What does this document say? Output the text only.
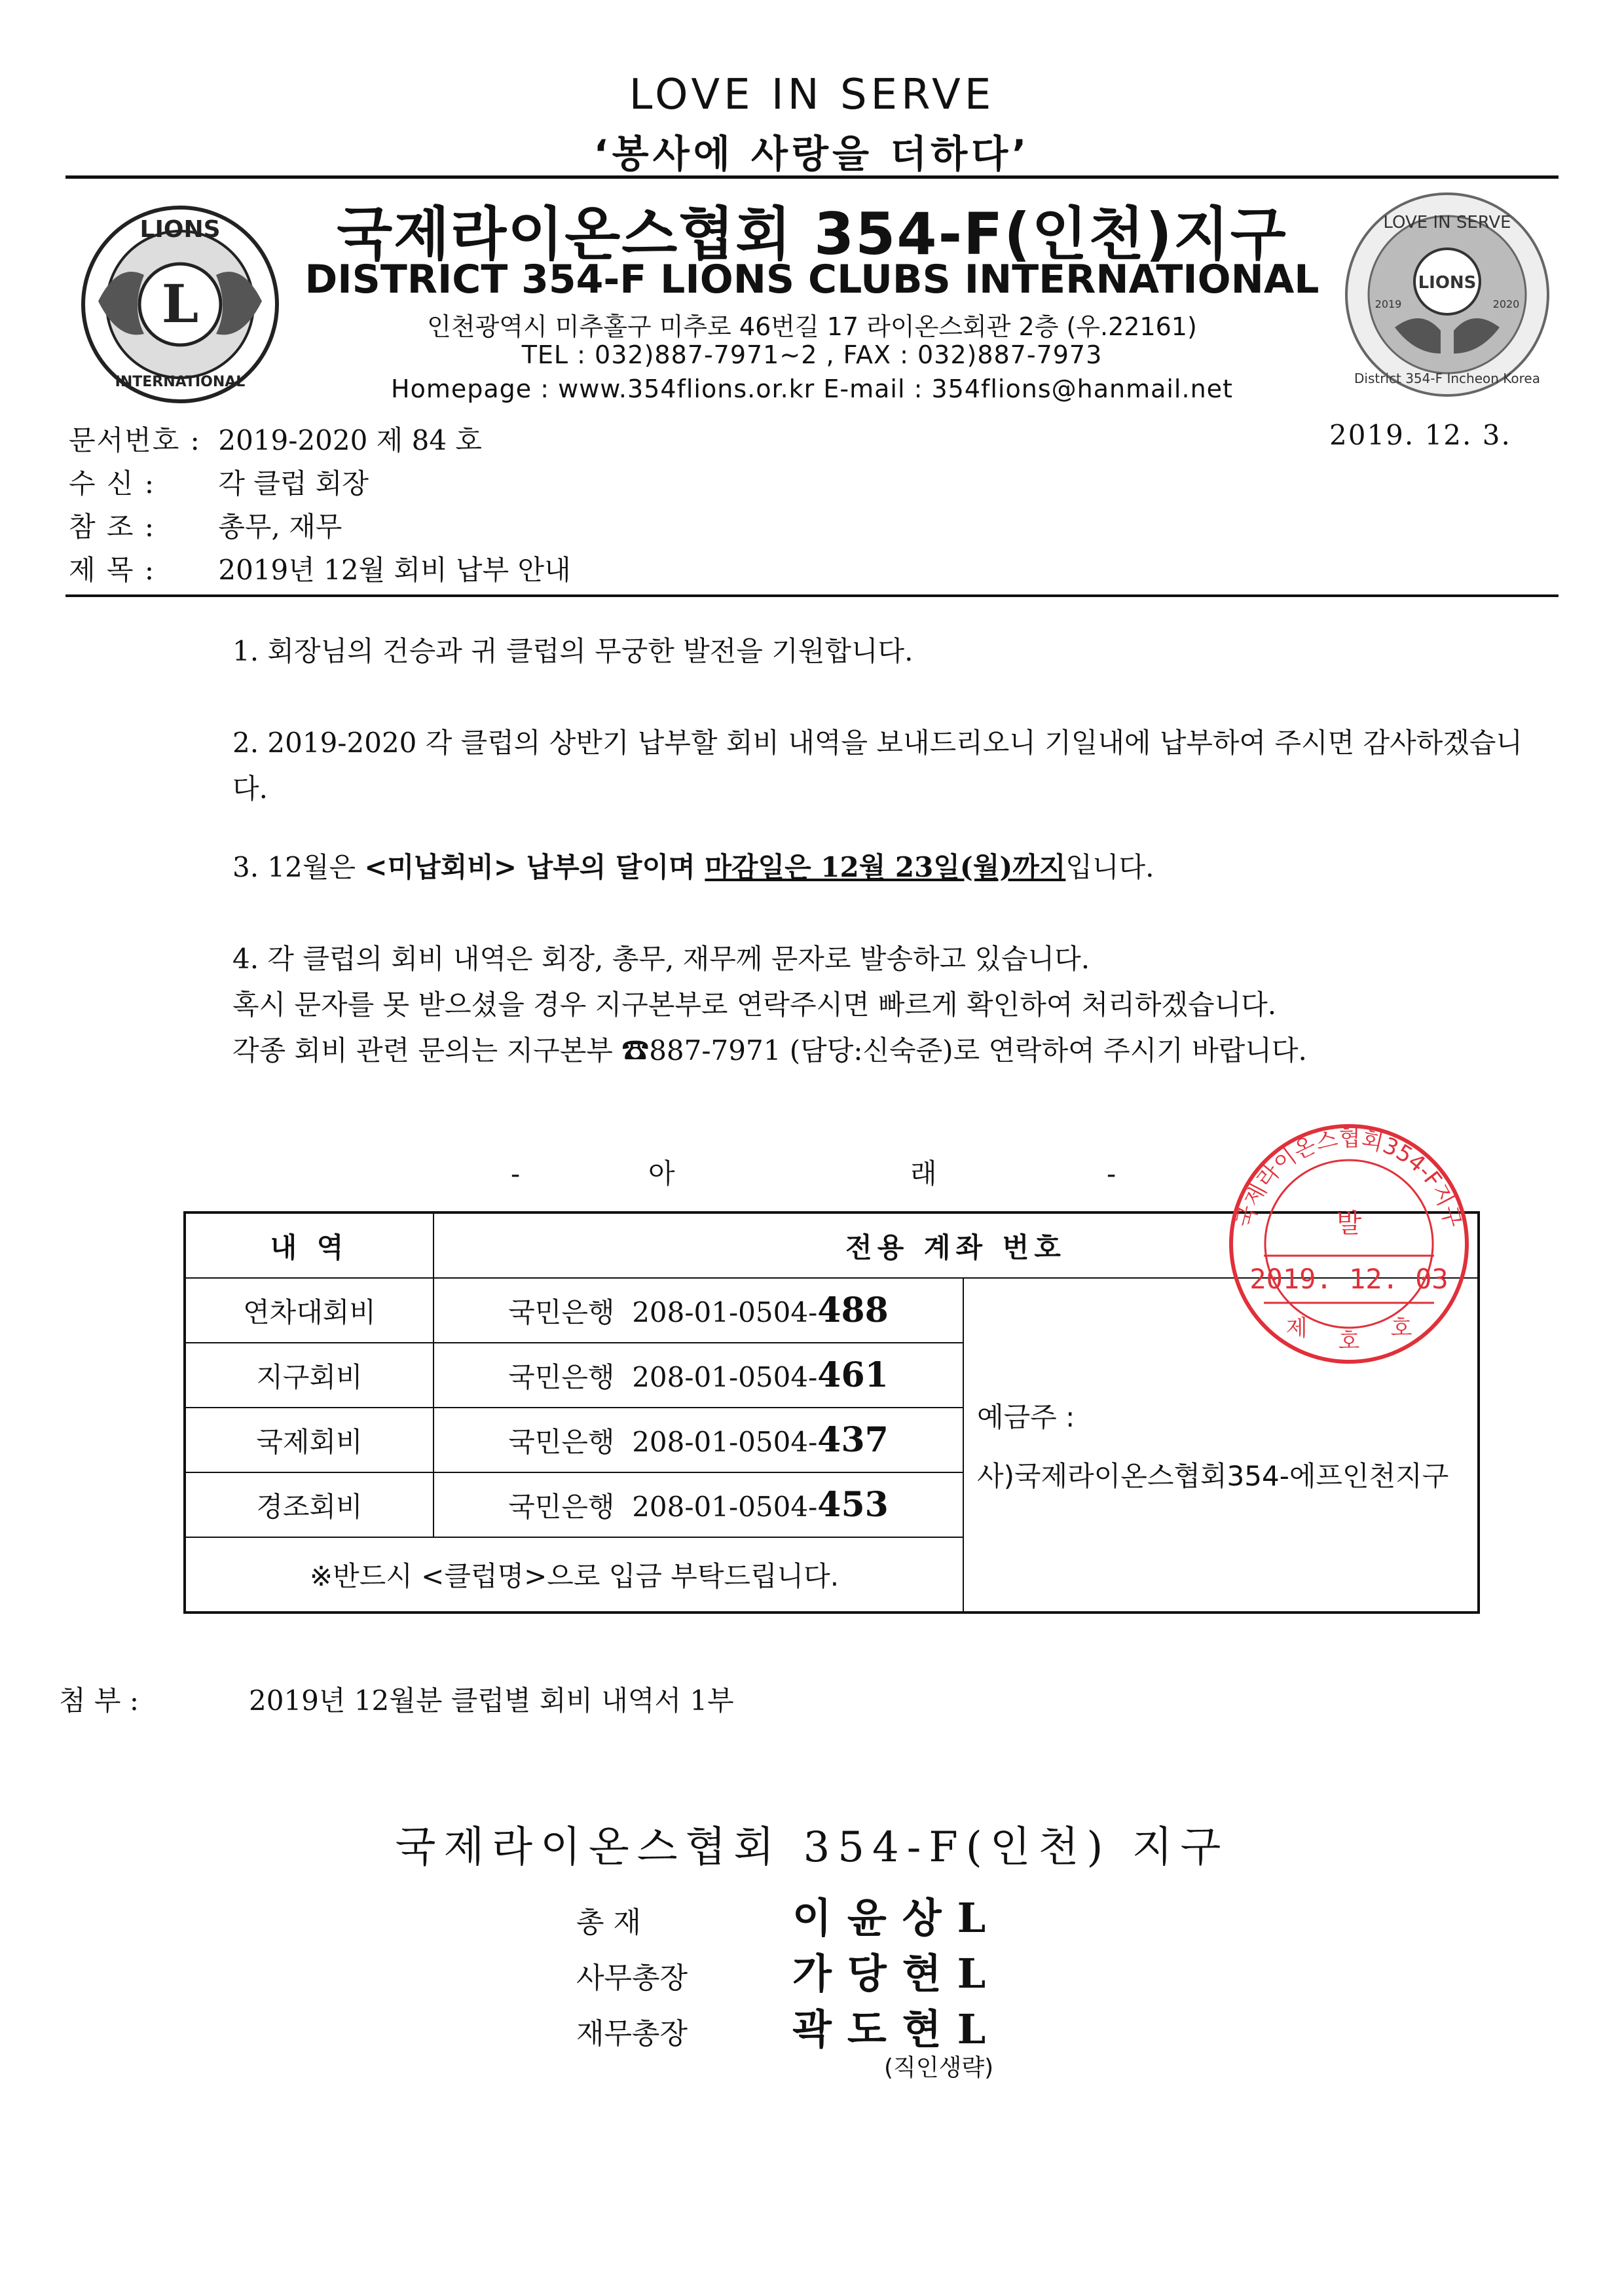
LOVE IN SERVE
‘봉사에 사랑을 더하다’
L
LIONS
INTERNATIONAL
LOVE IN SERVE
LIONS
2019	2020
District 354-F Incheon Korea
국제라이온스협회 354-F(인천)지구
DISTRICT 354-F LIONS CLUBS INTERNATIONAL
인천광역시 미추홀구 미추로 46번길 17 라이온스회관 2층 (우.22161)
TEL : 032)887-7971~2 , FAX : 032)887-7973
Homepage : www.354flions.or.kr E-mail : 354flions@hanmail.net
문서번호 : 2019-2020 제 84 호	2019. 12. 3.
수 신 : 각 클럽 회장
참 조 : 총무, 재무
제 목 : 2019년 12월 회비 납부 안내
1. 회장님의 건승과 귀 클럽의 무궁한 발전을 기원합니다.
2. 2019-2020 각 클럽의 상반기 납부할 회비 내역을 보내드리오니 기일내에 납부하여 주시면 감사하겠습니다.
3. 12월은 <미납회비> 납부의 달이며 마감일은 12월 23일(월)까지입니다.
4. 각 클럽의 회비 내역은 회장, 총무, 재무께 문자로 발송하고 있습니다.
혹시 문자를 못 받으셨을 경우 지구본부로 연락주시면 빠르게 확인하여 처리하겠습니다.
각종 회비 관련 문의는 지구본부 ☎887-7971 (담당:신숙준)로 연락하여 주시기 바랍니다.
-	아	래	-
내 역	전용 계좌 번호	
연차대회비	국민은행 208-01-0504-488	예금주 :
사)국제라이온스협회354-에프인천지구

지구회비	국민은행 208-01-0504-461	
국제회비	국민은행 208-01-0504-437	
경조회비	국민은행 208-01-0504-453	
※반드시 <클럽명>으로 입금 부탁드립니다.		
국제라이온스협회354-F지구
발
2019. 12. 03
제 호 호
첨 부 :	2019년 12월분 클럽별 회비 내역서 1부
국제라이온스협회 354-F(인천) 지구
총 재	이윤상L
사무총장	가당현L
재무총장	곽도현L
(직인생략)
